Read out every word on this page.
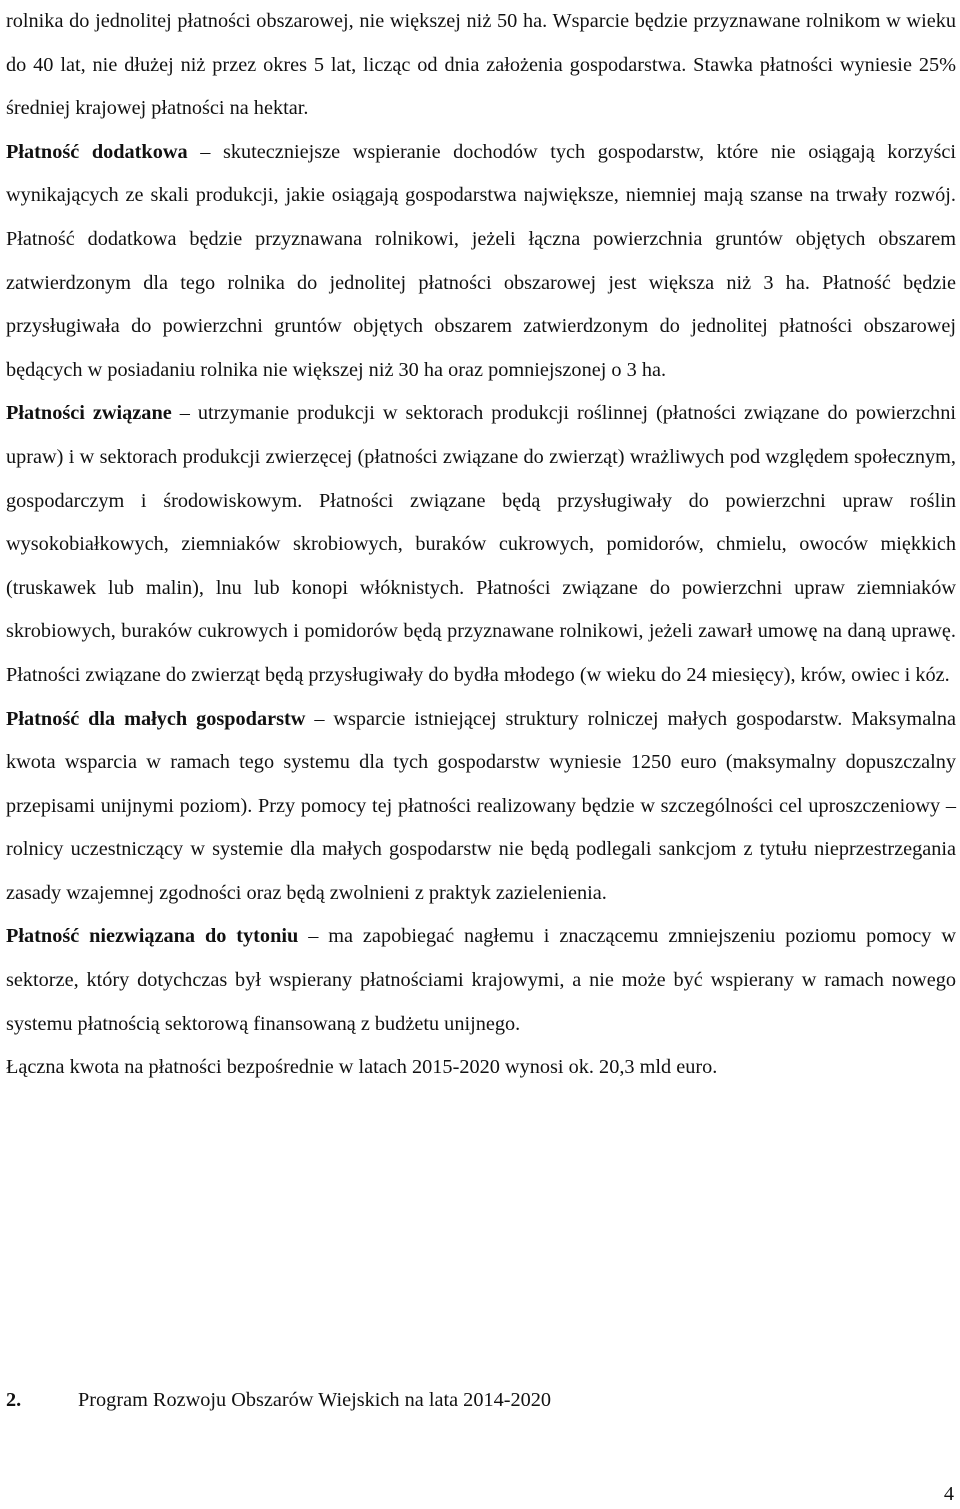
rolnika do jednolitej płatności obszarowej, nie większej niż 50 ha. Wsparcie będzie przyznawane rolnikom w wieku do 40 lat, nie dłużej niż przez okres 5 lat, licząc od dnia założenia gospodarstwa. Stawka płatności wyniesie 25% średniej krajowej płatności na hektar.

Płatność dodatkowa – skuteczniejsze wspieranie dochodów tych gospodarstw, które nie osiągają korzyści wynikających ze skali produkcji, jakie osiągają gospodarstwa największe, niemniej mają szanse na trwały rozwój. Płatność dodatkowa będzie przyznawana rolnikowi, jeżeli łączna powierzchnia gruntów objętych obszarem zatwierdzonym dla tego rolnika do jednolitej płatności obszarowej jest większa niż 3 ha. Płatność będzie przysługiwała do powierzchni gruntów objętych obszarem zatwierdzonym do jednolitej płatności obszarowej będących w posiadaniu rolnika nie większej niż 30 ha oraz pomniejszonej o 3 ha.

Płatności związane – utrzymanie produkcji w sektorach produkcji roślinnej (płatności związane do powierzchni upraw) i w sektorach produkcji zwierzęcej (płatności związane do zwierząt) wrażliwych pod względem społecznym, gospodarczym i środowiskowym. Płatności związane będą przysługiwały do powierzchni upraw roślin wysokobiałkowych, ziemniaków skrobiowych, buraków cukrowych, pomidorów, chmielu, owoców miękkich (truskawek lub malin), lnu lub konopi włóknistych. Płatności związane do powierzchni upraw ziemniaków skrobiowych, buraków cukrowych i pomidorów będą przyznawane rolnikowi, jeżeli zawarł umowę na daną uprawę. Płatności związane do zwierząt będą przysługiwały do bydła młodego (w wieku do 24 miesięcy), krów, owiec i kóz.

Płatność dla małych gospodarstw – wsparcie istniejącej struktury rolniczej małych gospodarstw. Maksymalna kwota wsparcia w ramach tego systemu dla tych gospodarstw wyniesie 1250 euro (maksymalny dopuszczalny przepisami unijnymi poziom). Przy pomocy tej płatności realizowany będzie w szczególności cel uproszczeniowy – rolnicy uczestniczący w systemie dla małych gospodarstw nie będą podlegali sankcjom z tytułu nieprzestrzegania zasady wzajemnej zgodności oraz będą zwolnieni z praktyk zazielenienia.

Płatność niezwiązana do tytoniu – ma zapobiegać nagłemu i znaczącemu zmniejszeniu poziomu pomocy w sektorze, który dotychczas był wspierany płatnościami krajowymi, a nie może być wspierany w ramach nowego systemu płatnością sektorową finansowaną z budżetu unijnego.

Łączna kwota na płatności bezpośrednie w latach 2015-2020 wynosi ok. 20,3 mld euro.

2.	Program Rozwoju Obszarów Wiejskich na lata 2014-2020
4
